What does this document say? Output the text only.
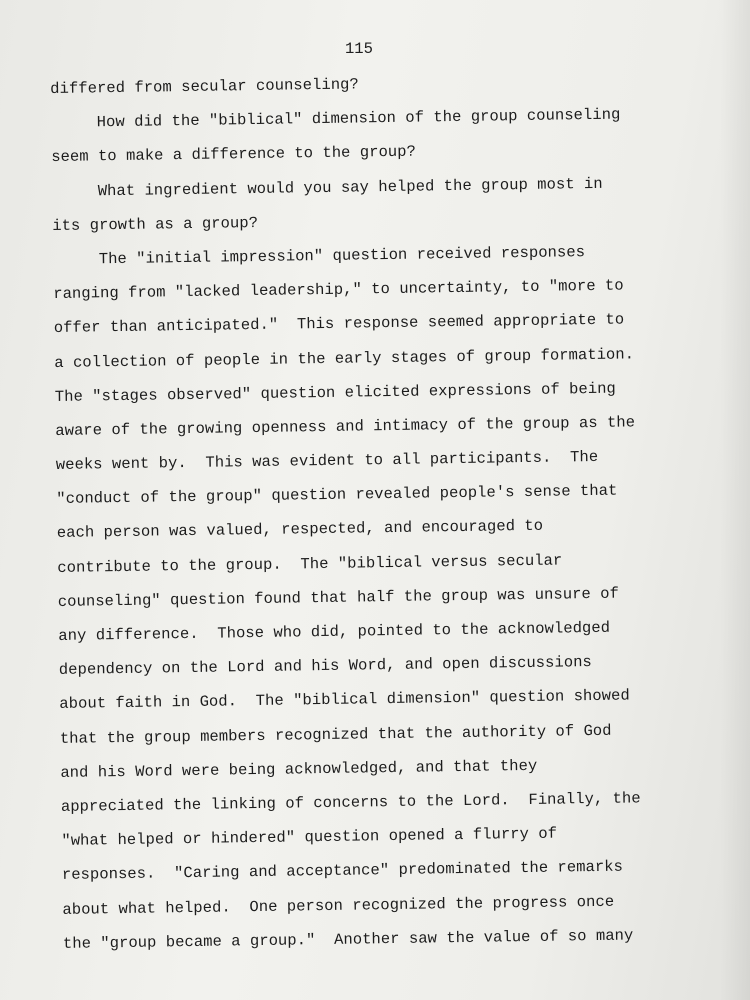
115

differed from secular counseling?
How did the "biblical" dimension of the group counseling
seem to make a difference to the group?
What ingredient would you say helped the group most in
its growth as a group?
The "initial impression" question received responses
ranging from "lacked leadership," to uncertainty, to "more to
offer than anticipated."  This response seemed appropriate to
a collection of people in the early stages of group formation.
The "stages observed" question elicited expressions of being
aware of the growing openness and intimacy of the group as the
weeks went by.  This was evident to all participants.  The
"conduct of the group" question revealed people's sense that
each person was valued, respected, and encouraged to
contribute to the group.  The "biblical versus secular
counseling" question found that half the group was unsure of
any difference.  Those who did, pointed to the acknowledged
dependency on the Lord and his Word, and open discussions
about faith in God.  The "biblical dimension" question showed
that the group members recognized that the authority of God
and his Word were being acknowledged, and that they
appreciated the linking of concerns to the Lord.  Finally, the
"what helped or hindered" question opened a flurry of
responses.  "Caring and acceptance" predominated the remarks
about what helped.  One person recognized the progress once
the "group became a group."  Another saw the value of so many
